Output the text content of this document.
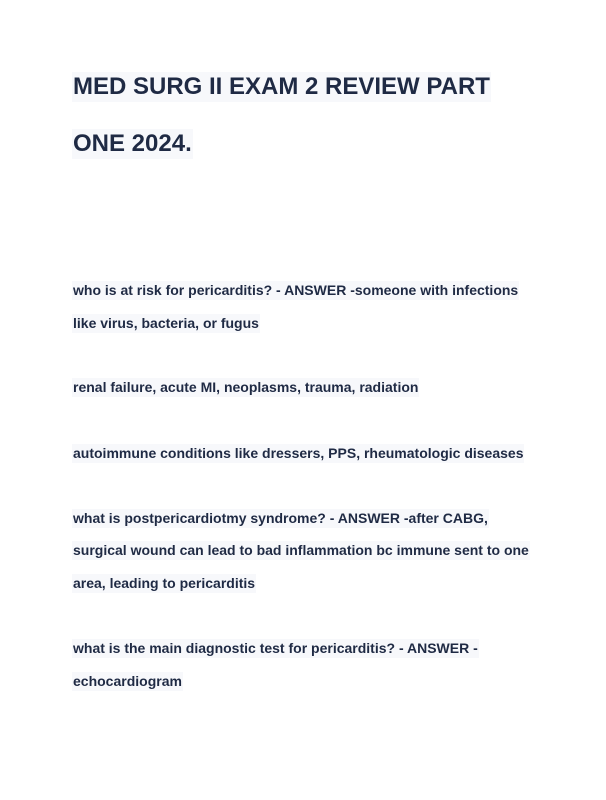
MED SURG II EXAM 2 REVIEW PART
ONE 2024.
who is at risk for pericarditis? - ANSWER -someone with infections
like virus, bacteria, or fugus
renal failure, acute MI, neoplasms, trauma, radiation
autoimmune conditions like dressers, PPS, rheumatologic diseases
what is postpericardiotmy syndrome? - ANSWER -after CABG,
surgical wound can lead to bad inflammation bc immune sent to one
area, leading to pericarditis
what is the main diagnostic test for pericarditis? - ANSWER -
echocardiogram
